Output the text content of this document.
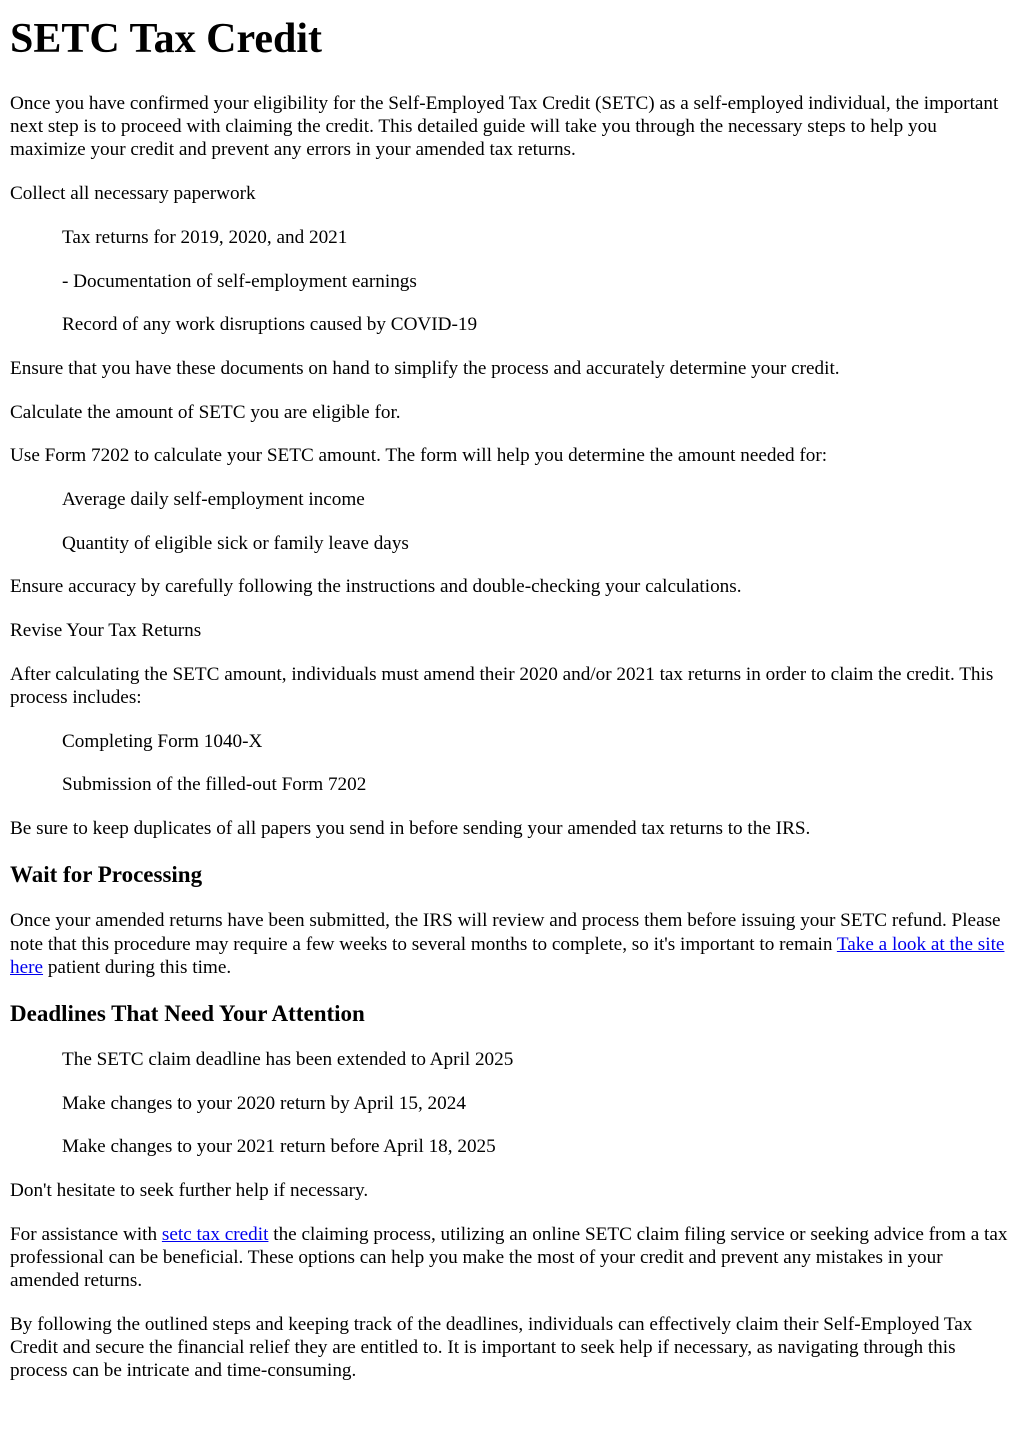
SETC Tax Credit

Once you have confirmed your eligibility for the Self-Employed Tax Credit (SETC) as a self-employed individual, the important next step is to proceed with claiming the credit. This detailed guide will take you through the necessary steps to help you maximize your credit and prevent any errors in your amended tax returns.

Collect all necessary paperwork

Tax returns for 2019, 2020, and 2021

- Documentation of self-employment earnings

Record of any work disruptions caused by COVID-19

Ensure that you have these documents on hand to simplify the process and accurately determine your credit.

Calculate the amount of SETC you are eligible for.

Use Form 7202 to calculate your SETC amount. The form will help you determine the amount needed for:

Average daily self-employment income

Quantity of eligible sick or family leave days

Ensure accuracy by carefully following the instructions and double-checking your calculations.

Revise Your Tax Returns

After calculating the SETC amount, individuals must amend their 2020 and/or 2021 tax returns in order to claim the credit. This process includes:

Completing Form 1040-X

Submission of the filled-out Form 7202

Be sure to keep duplicates of all papers you send in before sending your amended tax returns to the IRS.

Wait for Processing

Once your amended returns have been submitted, the IRS will review and process them before issuing your SETC refund. Please note that this procedure may require a few weeks to several months to complete, so it's important to remain Take a look at the site here patient during this time.

Deadlines That Need Your Attention

The SETC claim deadline has been extended to April 2025

Make changes to your 2020 return by April 15, 2024

Make changes to your 2021 return before April 18, 2025

Don't hesitate to seek further help if necessary.

For assistance with setc tax credit the claiming process, utilizing an online SETC claim filing service or seeking advice from a tax professional can be beneficial. These options can help you make the most of your credit and prevent any mistakes in your amended returns.

By following the outlined steps and keeping track of the deadlines, individuals can effectively claim their Self-Employed Tax Credit and secure the financial relief they are entitled to. It is important to seek help if necessary, as navigating through this process can be intricate and time-consuming.
